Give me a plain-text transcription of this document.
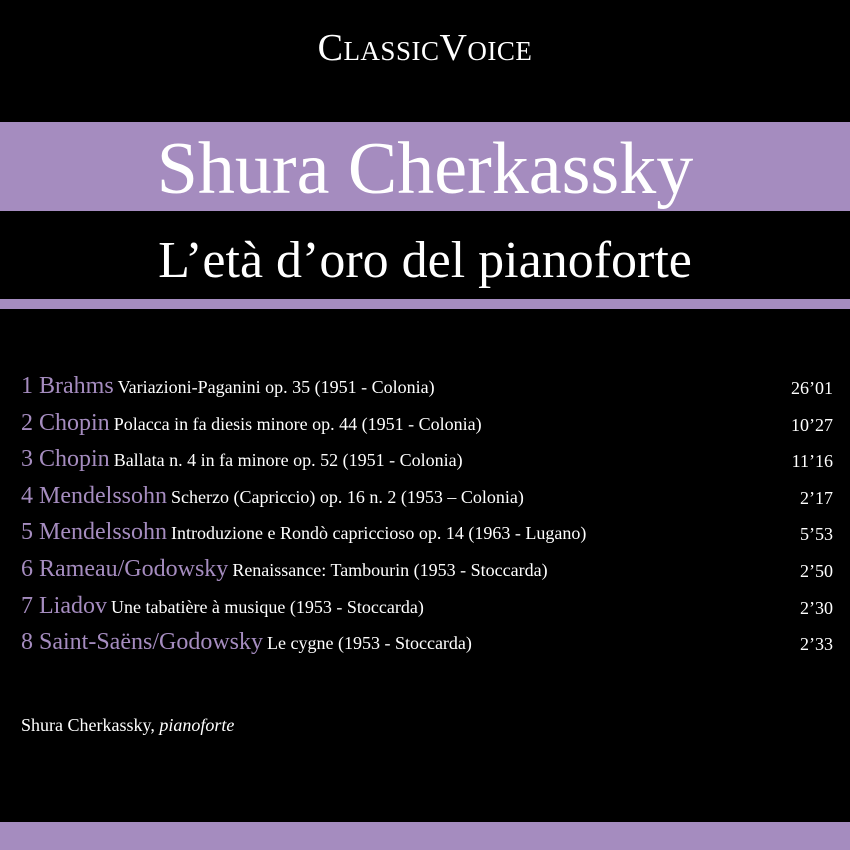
ClassicVoice
Shura Cherkassky
L’età d’oro del pianoforte
1 Brahms Variazioni-Paganini op. 35 (1951 - Colonia)	26’01
2 Chopin Polacca in fa diesis minore op. 44 (1951 - Colonia)	10’27
3 Chopin Ballata n. 4 in fa minore op. 52 (1951 - Colonia)	11’16
4 Mendelssohn Scherzo (Capriccio) op. 16 n. 2 (1953 – Colonia)	2’17
5 Mendelssohn Introduzione e Rondò capriccioso op. 14 (1963 - Lugano)	5’53
6 Rameau/Godowsky Renaissance: Tambourin (1953 - Stoccarda)	2’50
7 Liadov Une tabatière à musique (1953 - Stoccarda)	2’30
8 Saint-Saëns/Godowsky Le cygne (1953 - Stoccarda)	2’33
Shura Cherkassky, pianoforte
